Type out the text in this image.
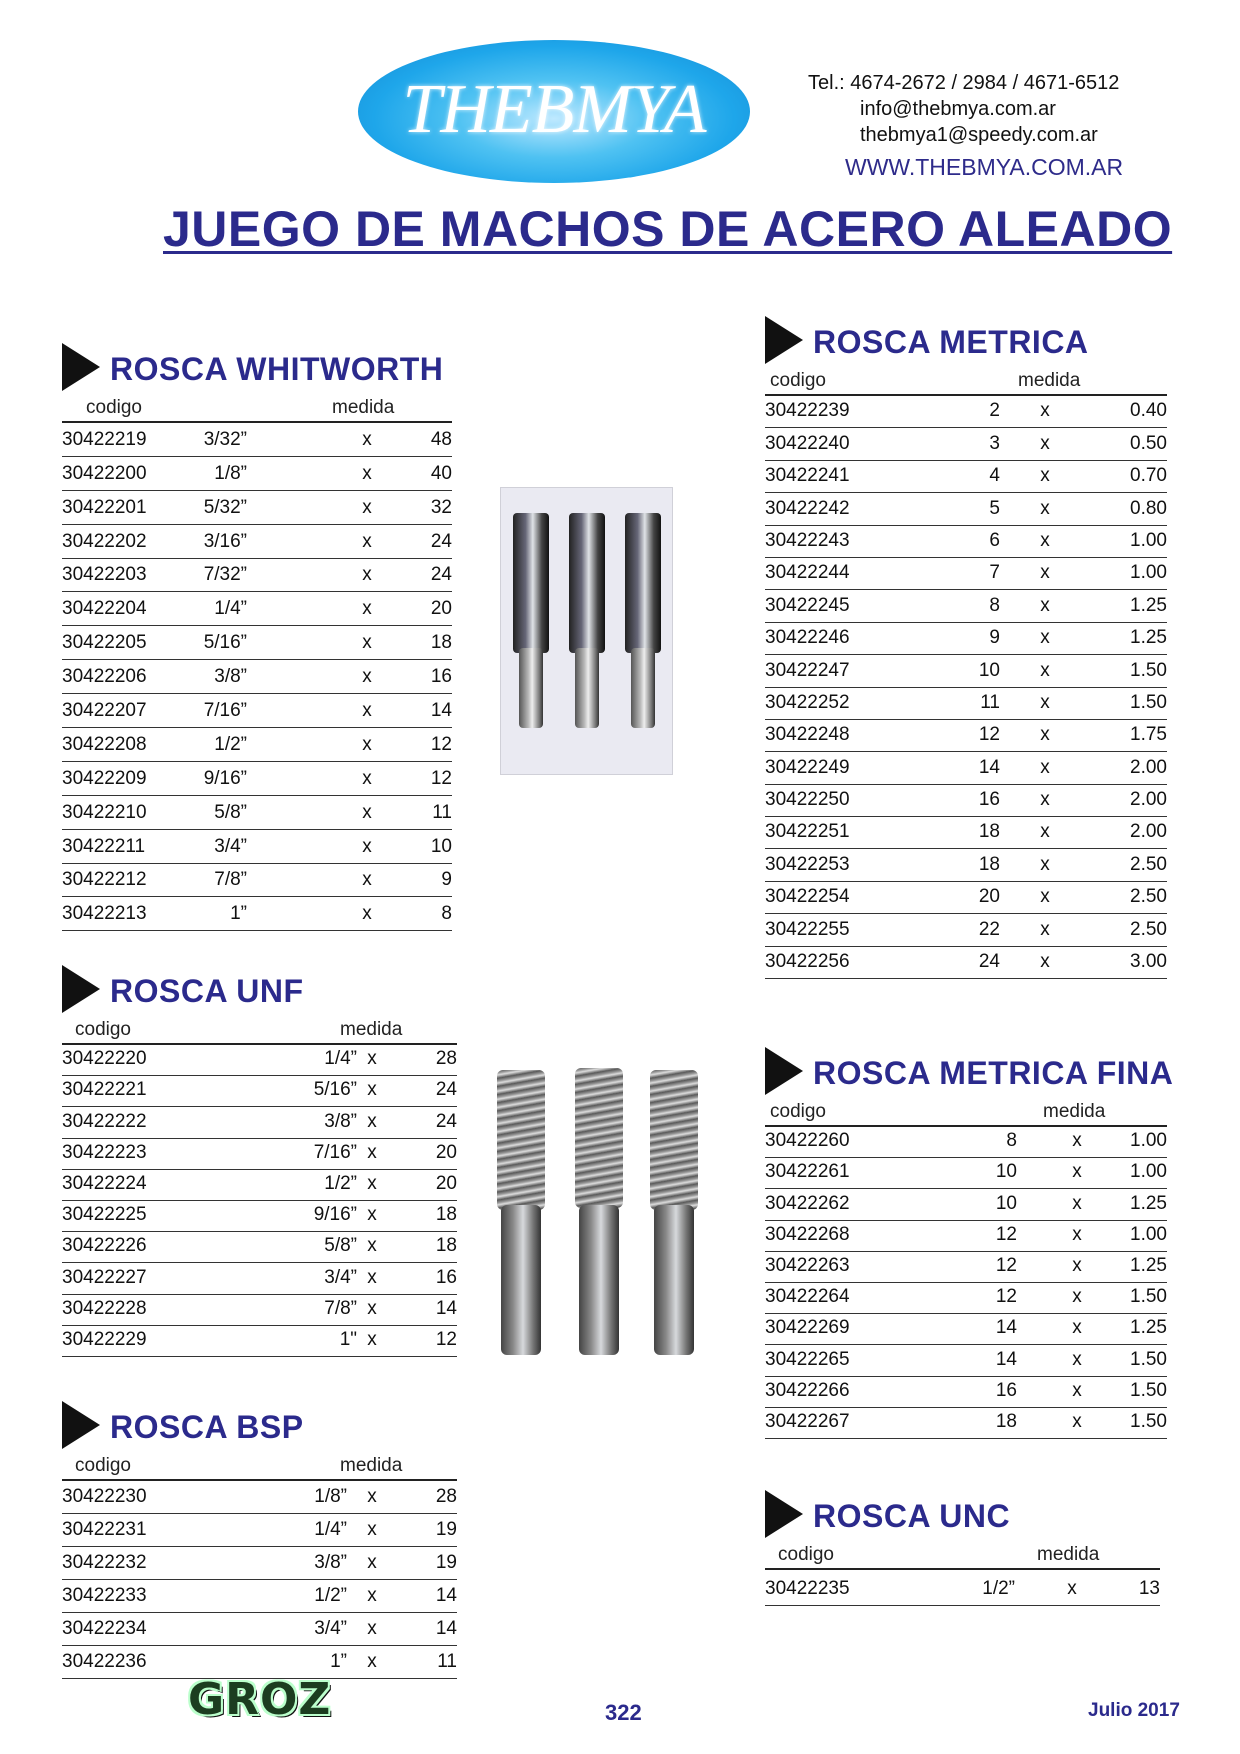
THEBMYA	Tel.: 4674-2672 / 2984 / 4671-6512
info@thebmya.com.ar
thebmya1@speedy.com.ar
WWW.THEBMYA.COM.AR
JUEGO DE MACHOS DE ACERO ALEADO
ROSCA WHITWORTH
codigo	medida
30422219	3/32”	x	48
30422200	1/8”	x	40
30422201	5/32”	x	32
30422202	3/16”	x	24
30422203	7/32”	x	24
30422204	1/4”	x	20
30422205	5/16”	x	18
30422206	3/8”	x	16
30422207	7/16”	x	14
30422208	1/2”	x	12
30422209	9/16”	x	12
30422210	5/8”	x	11
30422211	3/4”	x	10
30422212	7/8”	x	9
30422213	1”	x	8
ROSCA UNF
codigo	medida
30422220	1/4” x	28
30422221	5/16” x	24
30422222	3/8” x	24
30422223	7/16” x	20
30422224	1/2” x	20
30422225	9/16” x	18
30422226	5/8” x	18
30422227	3/4” x	16
30422228	7/8” x	14
30422229	1" x	12
ROSCA BSP
codigo	medida
30422230	1/8” x	28
30422231	1/4” x	19
30422232	3/8” x	19
30422233	1/2” x	14
30422234	3/4” x	14
30422236	1” x	11
ROSCA METRICA
codigo	medida
30422239	2 x	0.40
30422240	3 x	0.50
30422241	4 x	0.70
30422242	5 x	0.80
30422243	6 x	1.00
30422244	7 x	1.00
30422245	8 x	1.25
30422246	9 x	1.25
30422247	10 x	1.50
30422252	11 x	1.50
30422248	12 x	1.75
30422249	14 x	2.00
30422250	16 x	2.00
30422251	18 x	2.00
30422253	18 x	2.50
30422254	20 x	2.50
30422255	22 x	2.50
30422256	24 x	3.00
ROSCA METRICA FINA
codigo	medida
30422260	8	x	1.00
30422261	10	x	1.00
30422262	10	x	1.25
30422268	12	x	1.00
30422263	12	x	1.25
30422264	12	x	1.50
30422269	14	x	1.25
30422265	14	x	1.50
30422266	16	x	1.50
30422267	18	x	1.50
ROSCA UNC
codigo	medida
30422235	1/2”	x	13
GROZ	322	Julio 2017
